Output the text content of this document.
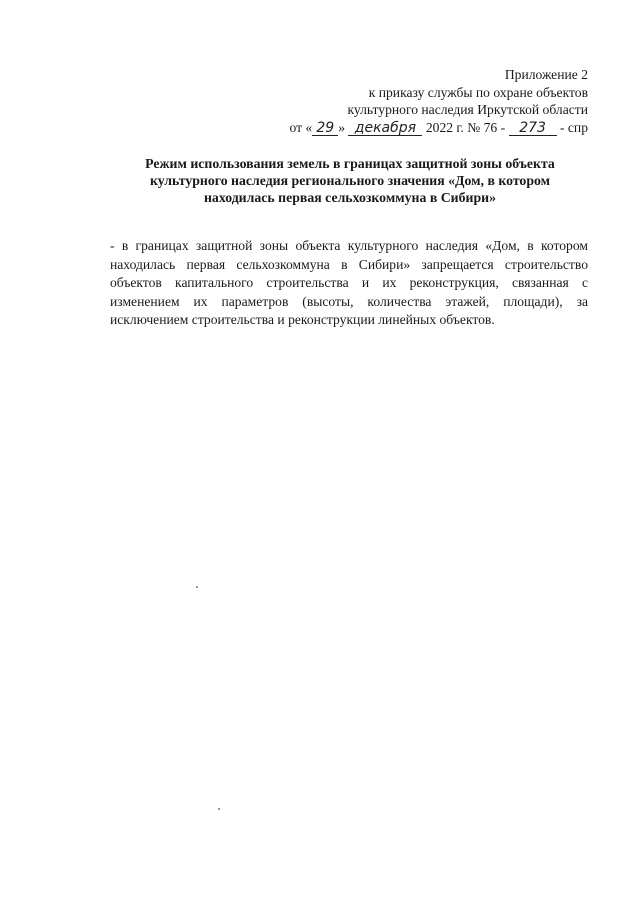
Приложение 2
к приказу службы по охране объектов
культурного наследия Иркутской области
от « 29 » декабря 2022 г. № 76 - 273 - спр
Режим использования земель в границах защитной зоны объекта
культурного наследия регионального значения «Дом, в котором
находилась первая сельхозкоммуна в Сибири»
- в границах защитной зоны объекта культурного наследия «Дом, в котором находилась первая сельхозкоммуна в Сибири» запрещается строительство объектов капитального строительства и их реконструкция, связанная с изменением их параметров (высоты, количества этажей, площади), за исключением строительства и реконструкции линейных объектов.
